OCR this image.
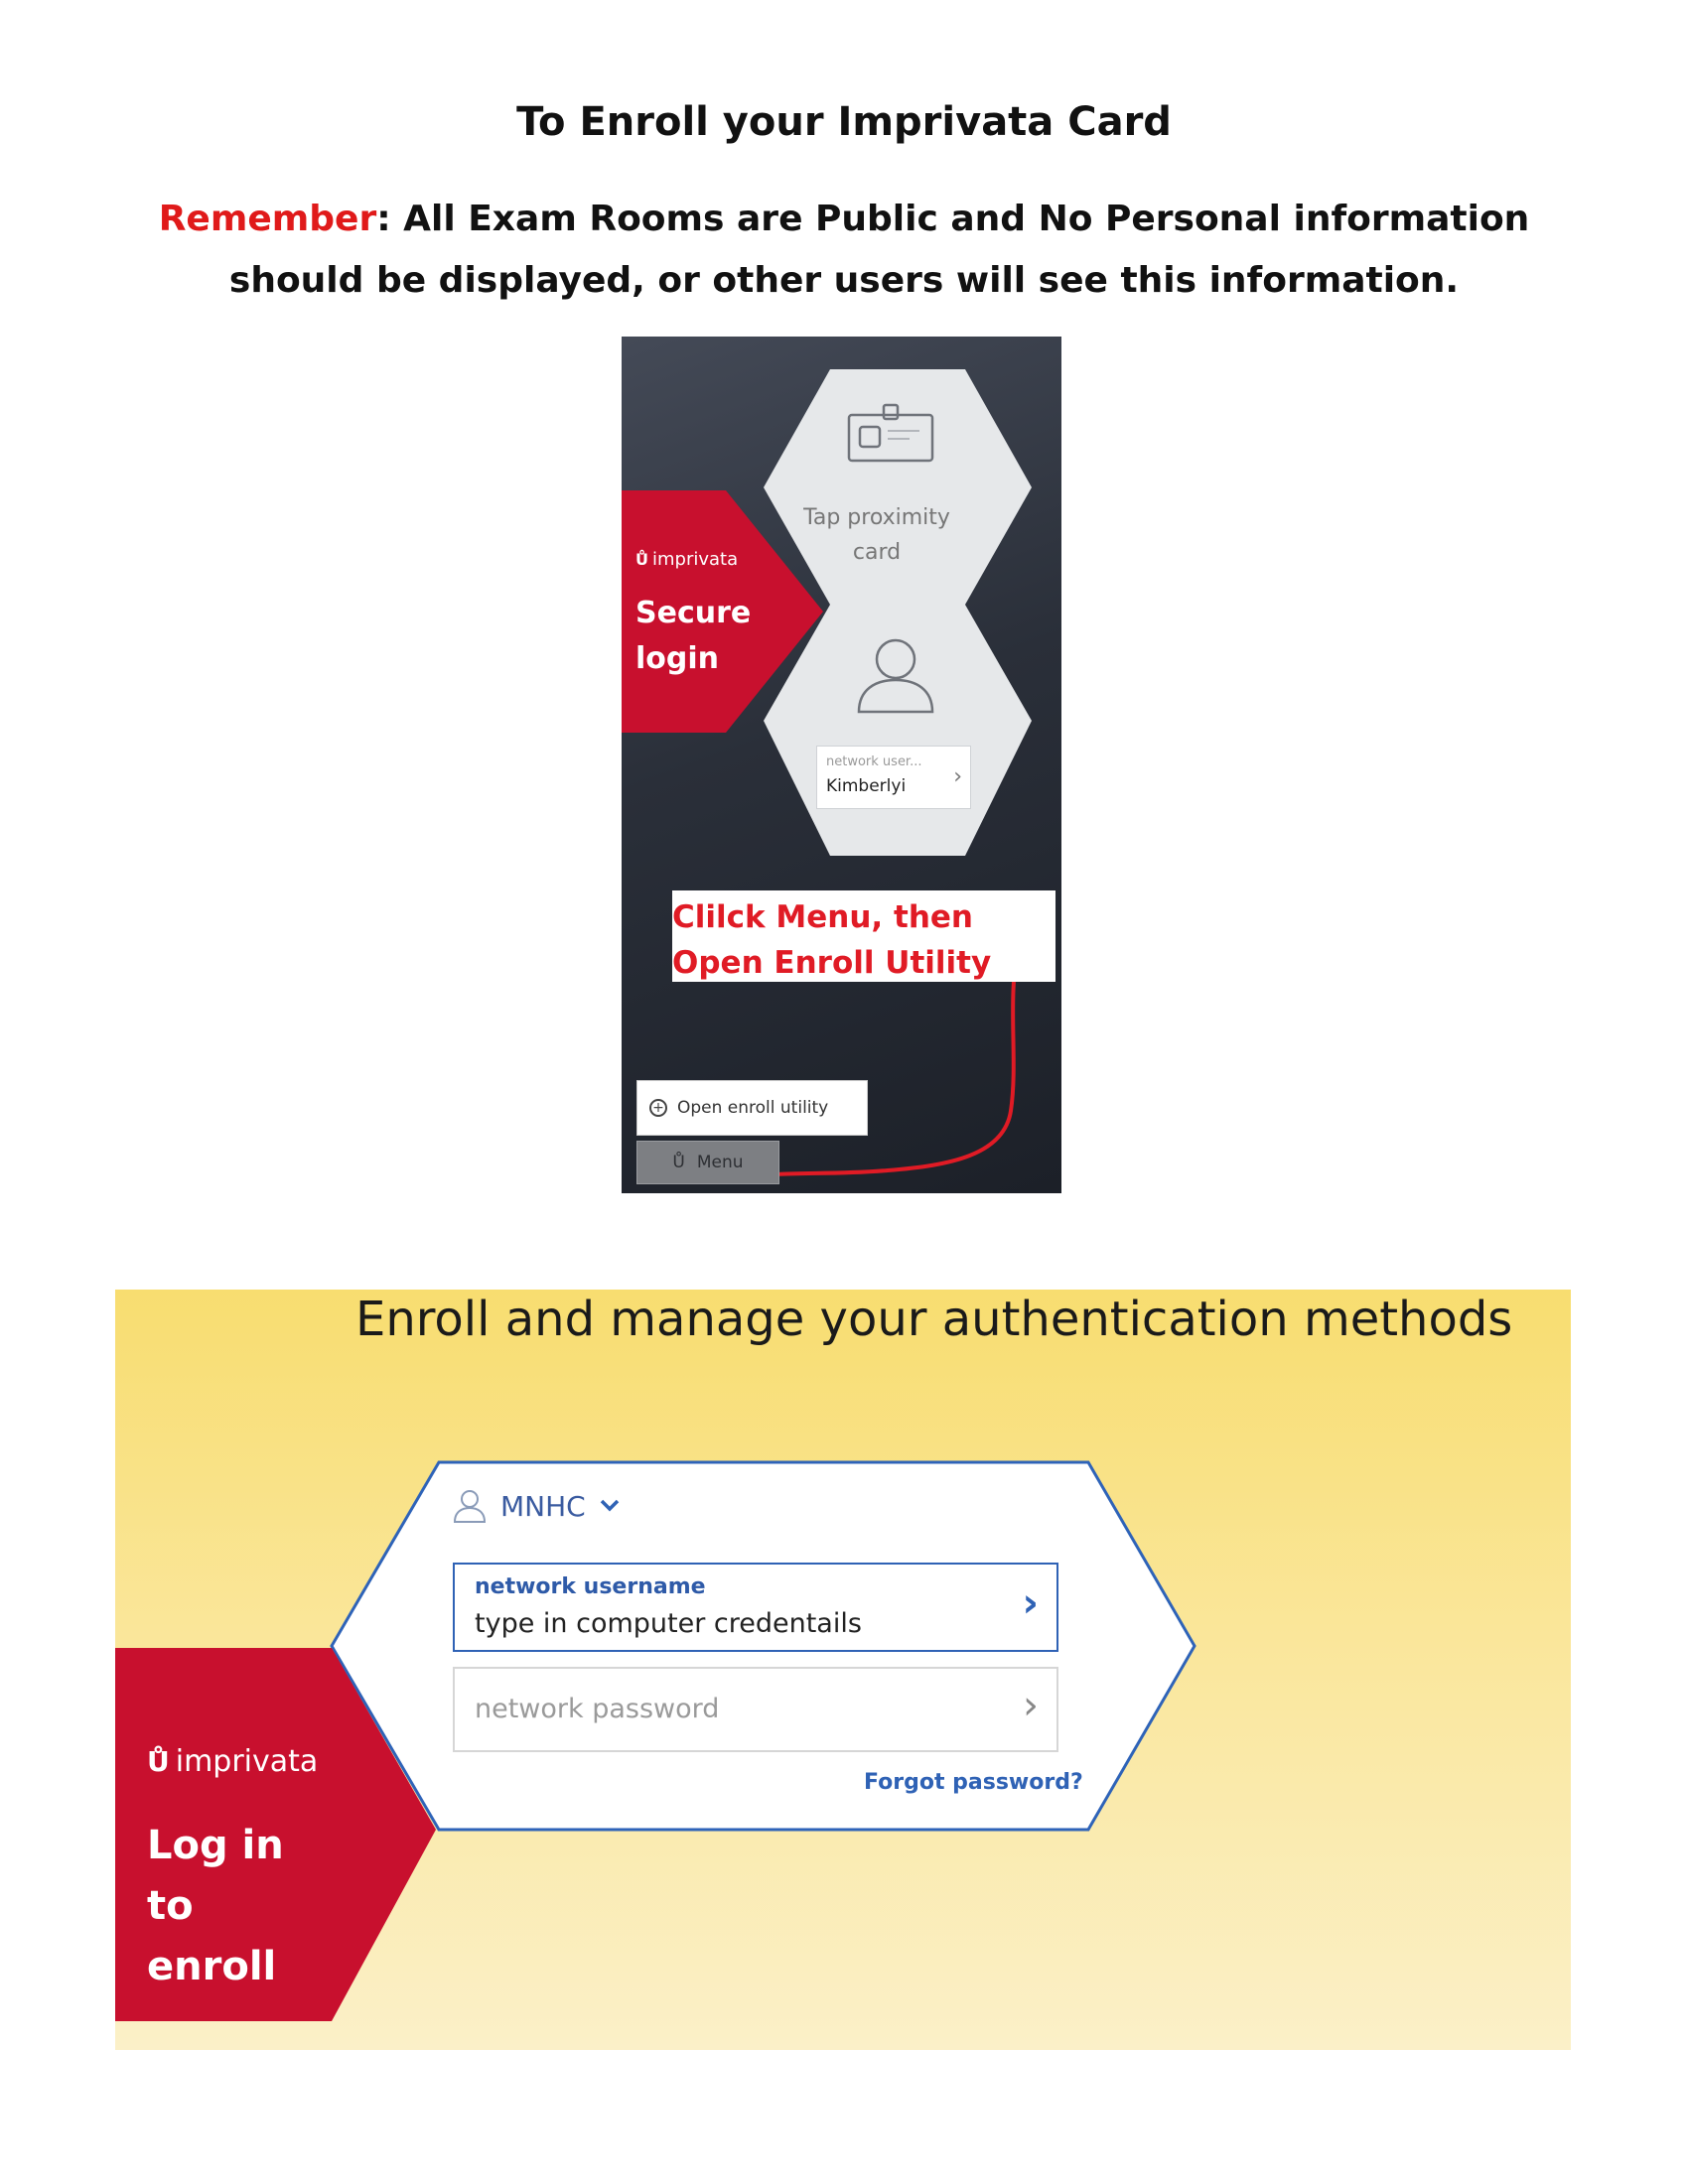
To Enroll your Imprivata Card
Remember: All Exam Rooms are Public and No Personal information
should be displayed, or other users will see this information.
Ů imprivata
Secure
login
Tap proximity
card
network user...
Kimberlyi ›
Clilck Menu, then
Open Enroll Utility
+ Open enroll utility
Ů Menu
Enroll and manage your authentication methods
MNHC
network username
type in computer credentails	›
network password	›
Forgot password?
Ů imprivata
Log in
to
enroll
